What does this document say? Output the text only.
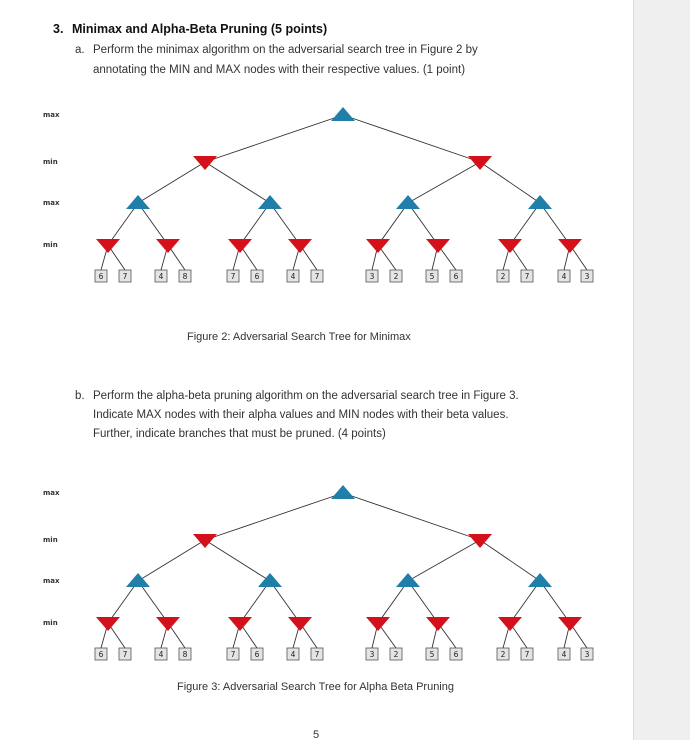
3. Minimax and Alpha-Beta Pruning (5 points)
a. Perform the minimax algorithm on the adversarial search tree in Figure 2 by
annotating the MIN and MAX nodes with their respective values. (1 point)
6	7	4	8	7	6	4	7	3	2	5	6	2	7	4 3
max
min
max
min
Figure 2: Adversarial Search Tree for Minimax
b. Perform the alpha-beta pruning algorithm on the adversarial search tree in Figure 3.
Indicate MAX nodes with their alpha values and MIN nodes with their beta values.
Further, indicate branches that must be pruned. (4 points)
6	7	4	8	7	6	4	7	3	2	5	6	2	7	4 3
max
min
max
min
Figure 3: Adversarial Search Tree for Alpha Beta Pruning
5
